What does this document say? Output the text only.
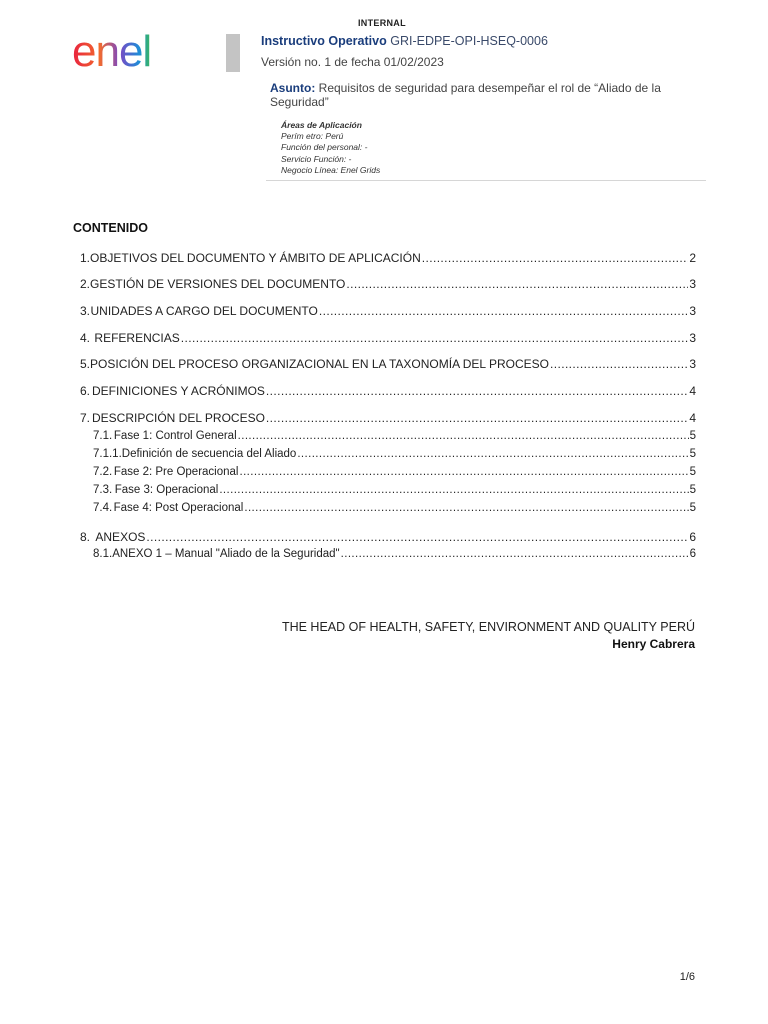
INTERNAL
enel	Instructivo Operativo GRI-EDPE-OPI-HSEQ-0006
Versión no. 1 de fecha 01/02/2023
Asunto: Requisitos de seguridad para desempeñar el rol de “Aliado de la Seguridad”
Áreas de Aplicación
Perím etro: Perú
Función del personal: -
Servicio Función: -
Negocio Línea: Enel Grids
CONTENIDO
1. OBJETIVOS DEL DOCUMENTO Y ÁMBITO DE APLICACIÓN .....	2
2. GESTIÓN DE VERSIONES DEL DOCUMENTO .....	3
3. UNIDADES A CARGO DEL DOCUMENTO .....	3
4. REFERENCIAS .....	3
5. POSICIÓN DEL PROCESO ORGANIZACIONAL EN LA TAXONOMÍA DEL PROCESO .....	3
6. DEFINICIONES Y ACRÓNIMOS .....	4
7. DESCRIPCIÓN DEL PROCESO .....	4
7.1. Fase 1: Control General .....	5
7.1.1. Definición de secuencia del Aliado .....	5
7.2. Fase 2: Pre Operacional .....	5
7.3. Fase 3: Operacional .....	5
7.4. Fase 4: Post Operacional .....	5
8. ANEXOS .....	6
8.1. ANEXO 1 – Manual "Aliado de la Seguridad" .....	6
THE HEAD OF HEALTH, SAFETY, ENVIRONMENT AND QUALITY PERÚ
Henry Cabrera
1/6
